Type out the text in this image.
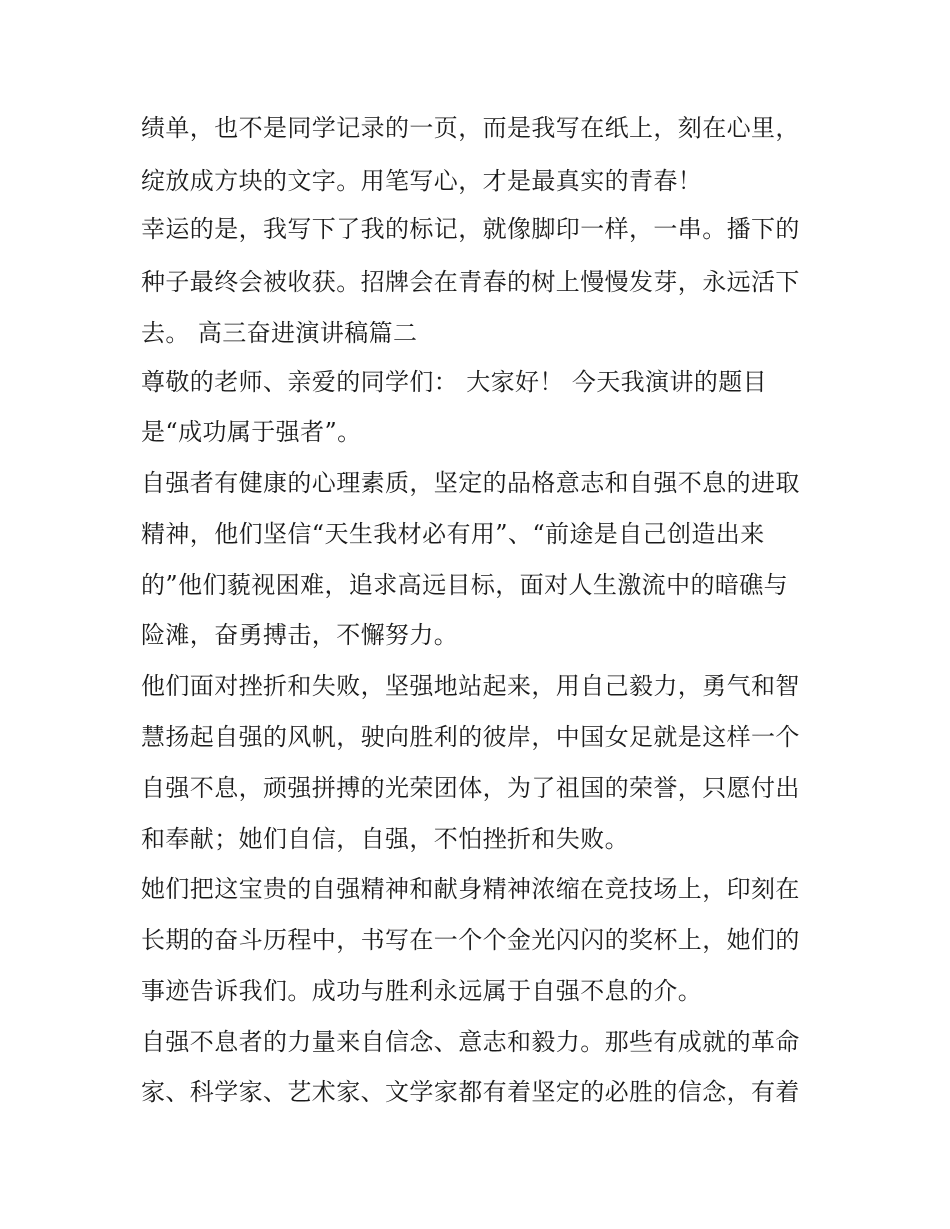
绩单，也不是同学记录的一页，而是我写在纸上，刻在心里，
绽放成方块的文字。用笔写心，才是最真实的青春！
幸运的是，我写下了我的标记，就像脚印一样，一串。播下的
种子最终会被收获。招牌会在青春的树上慢慢发芽，永远活下
去。 高三奋进演讲稿篇二
尊敬的老师、亲爱的同学们： 大家好！ 今天我演讲的题目
是“成功属于强者”。
自强者有健康的心理素质，坚定的品格意志和自强不息的进取
精神，他们坚信“天生我材必有用”、“前途是自己创造出来
的”他们藐视困难，追求高远目标，面对人生激流中的暗礁与
险滩，奋勇搏击，不懈努力。
他们面对挫折和失败，坚强地站起来，用自己毅力，勇气和智
慧扬起自强的风帆，驶向胜利的彼岸，中国女足就是这样一个
自强不息，顽强拼搏的光荣团体，为了祖国的荣誉，只愿付出
和奉献；她们自信，自强，不怕挫折和失败。
她们把这宝贵的自强精神和献身精神浓缩在竞技场上，印刻在
长期的奋斗历程中，书写在一个个金光闪闪的奖杯上，她们的
事迹告诉我们。成功与胜利永远属于自强不息的介。
自强不息者的力量来自信念、意志和毅力。那些有成就的革命
家、科学家、艺术家、文学家都有着坚定的必胜的信念，有着
